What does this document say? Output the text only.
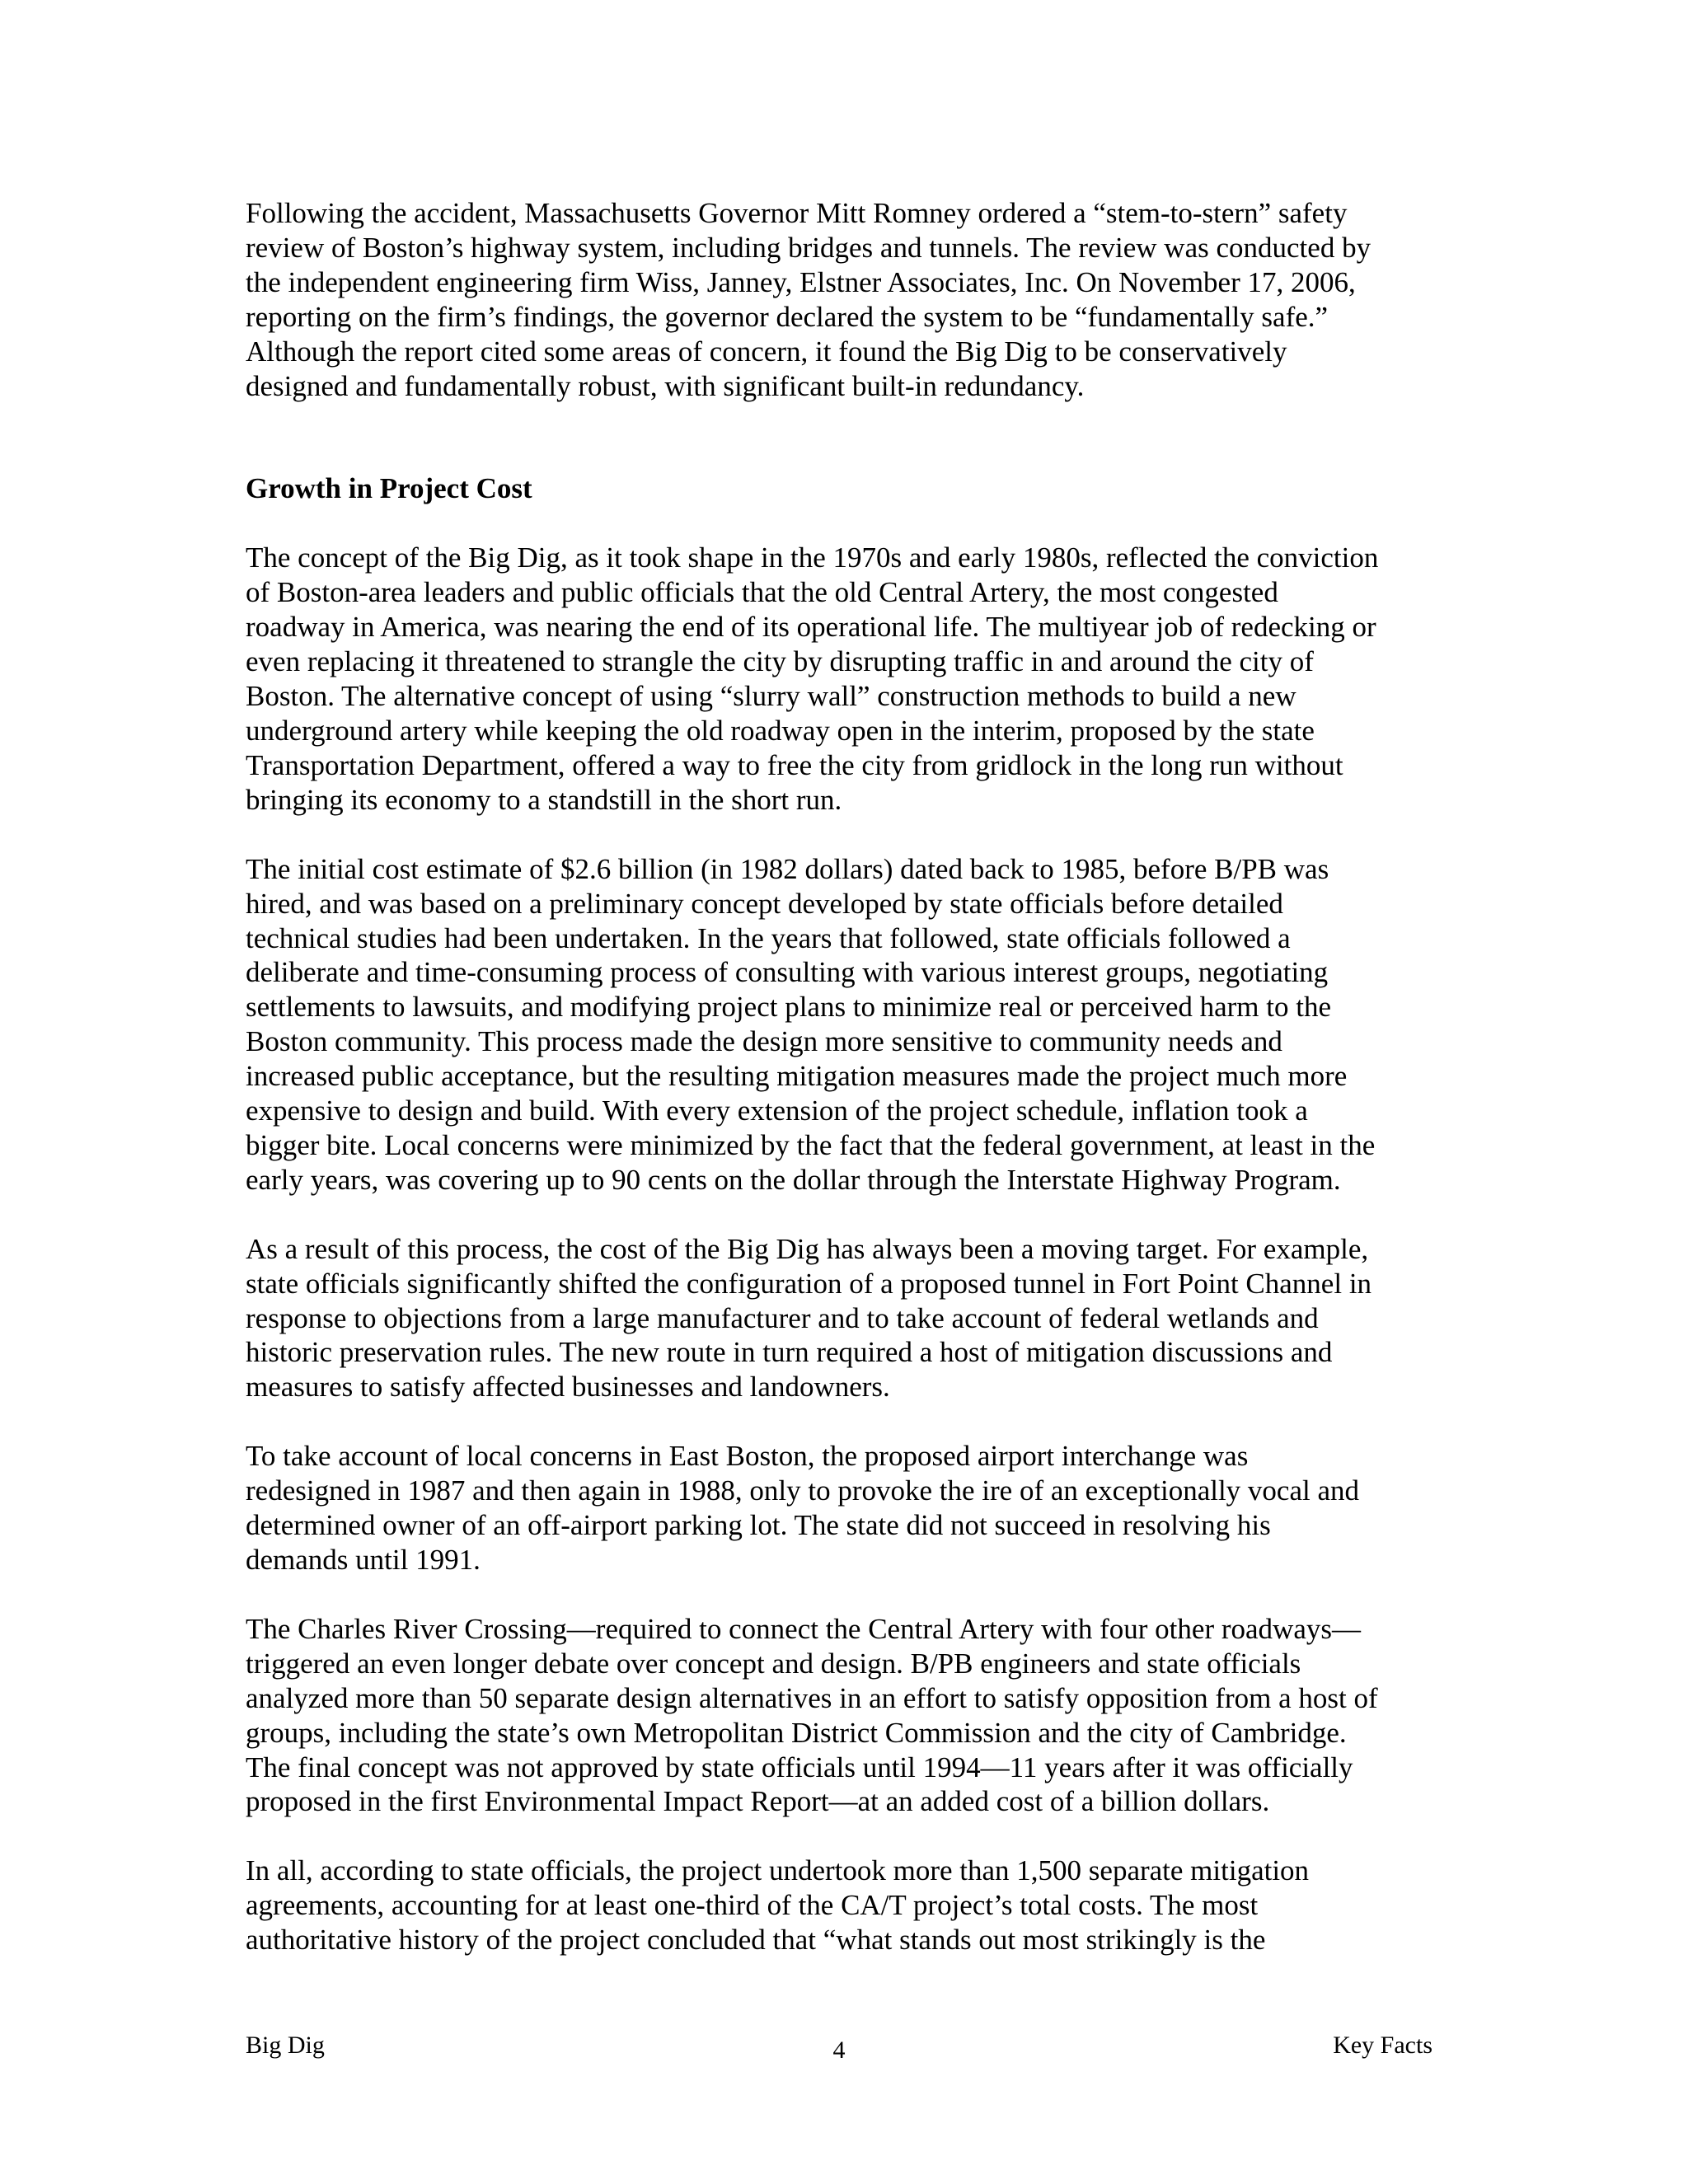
Following the accident, Massachusetts Governor Mitt Romney ordered a “stem-to-stern” safety
review of Boston’s highway system, including bridges and tunnels. The review was conducted by
the independent engineering firm Wiss, Janney, Elstner Associates, Inc. On November 17, 2006,
reporting on the firm’s findings, the governor declared the system to be “fundamentally safe.”
Although the report cited some areas of concern, it found the Big Dig to be conservatively
designed and fundamentally robust, with significant built-in redundancy.

Growth in Project Cost

The concept of the Big Dig, as it took shape in the 1970s and early 1980s, reflected the conviction
of Boston-area leaders and public officials that the old Central Artery, the most congested
roadway in America, was nearing the end of its operational life. The multiyear job of redecking or
even replacing it threatened to strangle the city by disrupting traffic in and around the city of
Boston. The alternative concept of using “slurry wall” construction methods to build a new
underground artery while keeping the old roadway open in the interim, proposed by the state
Transportation Department, offered a way to free the city from gridlock in the long run without
bringing its economy to a standstill in the short run.

The initial cost estimate of $2.6 billion (in 1982 dollars) dated back to 1985, before B/PB was
hired, and was based on a preliminary concept developed by state officials before detailed
technical studies had been undertaken. In the years that followed, state officials followed a
deliberate and time-consuming process of consulting with various interest groups, negotiating
settlements to lawsuits, and modifying project plans to minimize real or perceived harm to the
Boston community. This process made the design more sensitive to community needs and
increased public acceptance, but the resulting mitigation measures made the project much more
expensive to design and build. With every extension of the project schedule, inflation took a
bigger bite. Local concerns were minimized by the fact that the federal government, at least in the
early years, was covering up to 90 cents on the dollar through the Interstate Highway Program.

As a result of this process, the cost of the Big Dig has always been a moving target. For example,
state officials significantly shifted the configuration of a proposed tunnel in Fort Point Channel in
response to objections from a large manufacturer and to take account of federal wetlands and
historic preservation rules. The new route in turn required a host of mitigation discussions and
measures to satisfy affected businesses and landowners.

To take account of local concerns in East Boston, the proposed airport interchange was
redesigned in 1987 and then again in 1988, only to provoke the ire of an exceptionally vocal and
determined owner of an off-airport parking lot. The state did not succeed in resolving his
demands until 1991.

The Charles River Crossing—required to connect the Central Artery with four other roadways—
triggered an even longer debate over concept and design. B/PB engineers and state officials
analyzed more than 50 separate design alternatives in an effort to satisfy opposition from a host of
groups, including the state’s own Metropolitan District Commission and the city of Cambridge.
The final concept was not approved by state officials until 1994—11 years after it was officially
proposed in the first Environmental Impact Report—at an added cost of a billion dollars.

In all, according to state officials, the project undertook more than 1,500 separate mitigation
agreements, accounting for at least one-third of the CA/T project’s total costs. The most
authoritative history of the project concluded that “what stands out most strikingly is the

Big Dig	4	Key Facts
